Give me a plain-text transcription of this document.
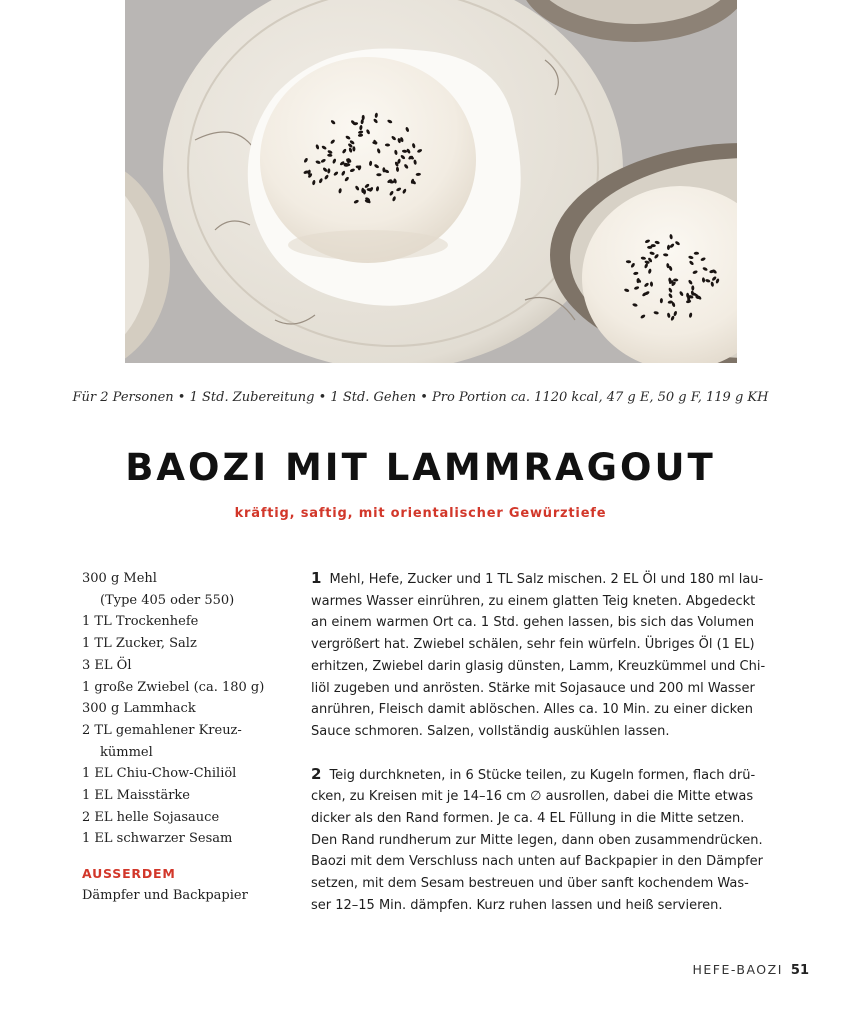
Für 2 Personen • 1 Std. Zubereitung • 1 Std. Gehen • Pro Portion ca. 1120 kcal, 47 g E, 50 g F, 119 g KH
BAOZI MIT LAMMRAGOUT
kräftig, saftig, mit orientalischer Gewürztiefe
300 g Mehl
(Type 405 oder 550)
1 TL Trockenhefe
1 TL Zucker, Salz
3 EL Öl
1 große Zwiebel (ca. 180 g)
300 g Lammhack
2 TL gemahlener Kreuz-
kümmel
1 EL Chiu-Chow-Chiliöl
1 EL Maisstärke
2 EL helle Sojasauce
1 EL schwarzer Sesam
AUSSERDEM
Dämpfer und Backpapier
1 Mehl, Hefe, Zucker und 1 TL Salz mischen. 2 EL Öl und 180 ml lau-
warmes Wasser einrühren, zu einem glatten Teig kneten. Abgedeckt
an einem warmen Ort ca. 1 Std. gehen lassen, bis sich das Volumen
vergrößert hat. Zwiebel schälen, sehr fein würfeln. Übriges Öl (1 EL)
erhitzen, Zwiebel darin glasig dünsten, Lamm, Kreuzkümmel und Chi-
liöl zugeben und anrösten. Stärke mit Sojasauce und 200 ml Wasser
anrühren, Fleisch damit ablöschen. Alles ca. 10 Min. zu einer dicken
Sauce schmoren. Salzen, vollständig auskühlen lassen.
2 Teig durchkneten, in 6 Stücke teilen, zu Kugeln formen, flach drü-
cken, zu Kreisen mit je 14–16 cm ∅ ausrollen, dabei die Mitte etwas
dicker als den Rand formen. Je ca. 4 EL Füllung in die Mitte setzen.
Den Rand rundherum zur Mitte legen, dann oben zusammendrücken.
Baozi mit dem Verschluss nach unten auf Backpapier in den Dämpfer
setzen, mit dem Sesam bestreuen und über sanft kochendem Was-
ser 12–15 Min. dämpfen. Kurz ruhen lassen und heiß servieren.
HEFE-BAOZI 51
